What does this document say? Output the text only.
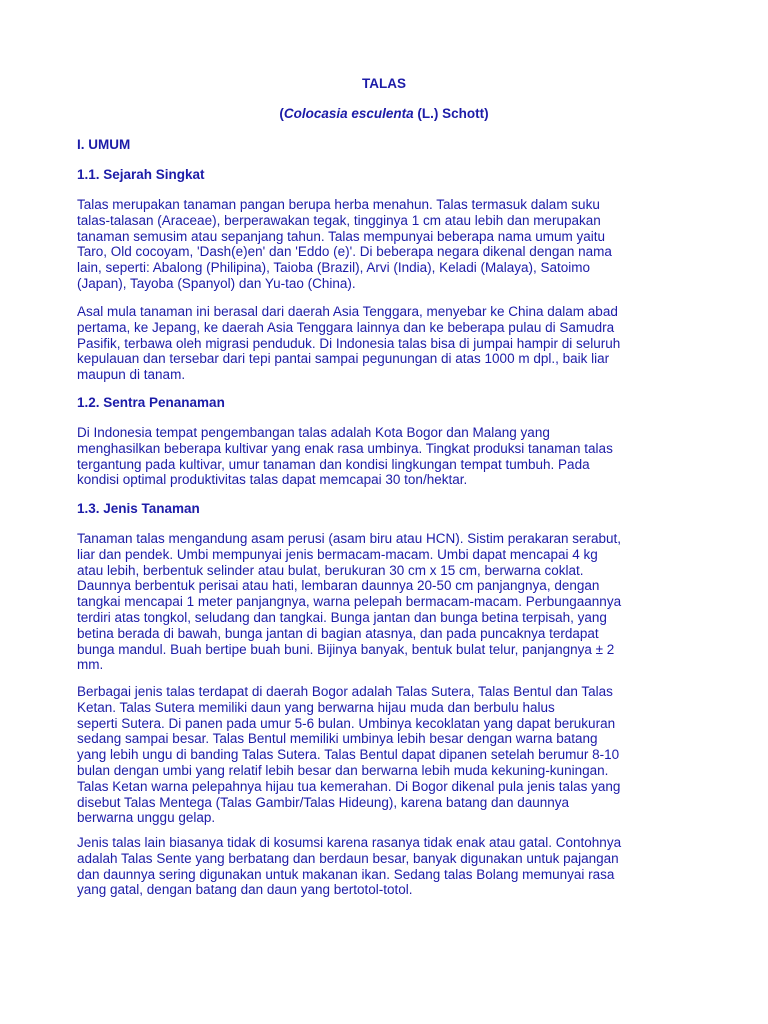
TALAS

(Colocasia esculenta (L.) Schott)

I. UMUM
1.1. Sejarah Singkat
Talas merupakan tanaman pangan berupa herba menahun. Talas termasuk dalam suku
talas-talasan (Araceae), berperawakan tegak, tingginya 1 cm atau lebih dan merupakan
tanaman semusim atau sepanjang tahun. Talas mempunyai beberapa nama umum yaitu
Taro, Old cocoyam, 'Dash(e)en' dan 'Eddo (e)'. Di beberapa negara dikenal dengan nama
lain, seperti: Abalong (Philipina), Taioba (Brazil), Arvi (India), Keladi (Malaya), Satoimo
(Japan), Tayoba (Spanyol) dan Yu-tao (China).
Asal mula tanaman ini berasal dari daerah Asia Tenggara, menyebar ke China dalam abad
pertama, ke Jepang, ke daerah Asia Tenggara lainnya dan ke beberapa pulau di Samudra
Pasifik, terbawa oleh migrasi penduduk. Di Indonesia talas bisa di jumpai hampir di seluruh
kepulauan dan tersebar dari tepi pantai sampai pegunungan di atas 1000 m dpl., baik liar
maupun di tanam.
1.2. Sentra Penanaman
Di Indonesia tempat pengembangan talas adalah Kota Bogor dan Malang yang
menghasilkan beberapa kultivar yang enak rasa umbinya. Tingkat produksi tanaman talas
tergantung pada kultivar, umur tanaman dan kondisi lingkungan tempat tumbuh. Pada
kondisi optimal produktivitas talas dapat memcapai 30 ton/hektar.
1.3. Jenis Tanaman
Tanaman talas mengandung asam perusi (asam biru atau HCN). Sistim perakaran serabut,
liar dan pendek. Umbi mempunyai jenis bermacam-macam. Umbi dapat mencapai 4 kg
atau lebih, berbentuk selinder atau bulat, berukuran 30 cm x 15 cm, berwarna coklat.
Daunnya berbentuk perisai atau hati, lembaran daunnya 20-50 cm panjangnya, dengan
tangkai mencapai 1 meter panjangnya, warna pelepah bermacam-macam. Perbungaannya
terdiri atas tongkol, seludang dan tangkai. Bunga jantan dan bunga betina terpisah, yang
betina berada di bawah, bunga jantan di bagian atasnya, dan pada puncaknya terdapat
bunga mandul. Buah bertipe buah buni. Bijinya banyak, bentuk bulat telur, panjangnya ± 2
mm.
Berbagai jenis talas terdapat di daerah Bogor adalah Talas Sutera, Talas Bentul dan Talas
Ketan. Talas Sutera memiliki daun yang berwarna hijau muda dan berbulu halus
seperti Sutera. Di panen pada umur 5-6 bulan. Umbinya kecoklatan yang dapat berukuran
sedang sampai besar. Talas Bentul memiliki umbinya lebih besar dengan warna batang
yang lebih ungu di banding Talas Sutera. Talas Bentul dapat dipanen setelah berumur 8-10
bulan dengan umbi yang relatif lebih besar dan berwarna lebih muda kekuning-kuningan.
Talas Ketan warna pelepahnya hijau tua kemerahan. Di Bogor dikenal pula jenis talas yang
disebut Talas Mentega (Talas Gambir/Talas Hideung), karena batang dan daunnya
berwarna unggu gelap.
Jenis talas lain biasanya tidak di kosumsi karena rasanya tidak enak atau gatal. Contohnya
adalah Talas Sente yang berbatang dan berdaun besar, banyak digunakan untuk pajangan
dan daunnya sering digunakan untuk makanan ikan. Sedang talas Bolang memunyai rasa
yang gatal, dengan batang dan daun yang bertotol-totol.
